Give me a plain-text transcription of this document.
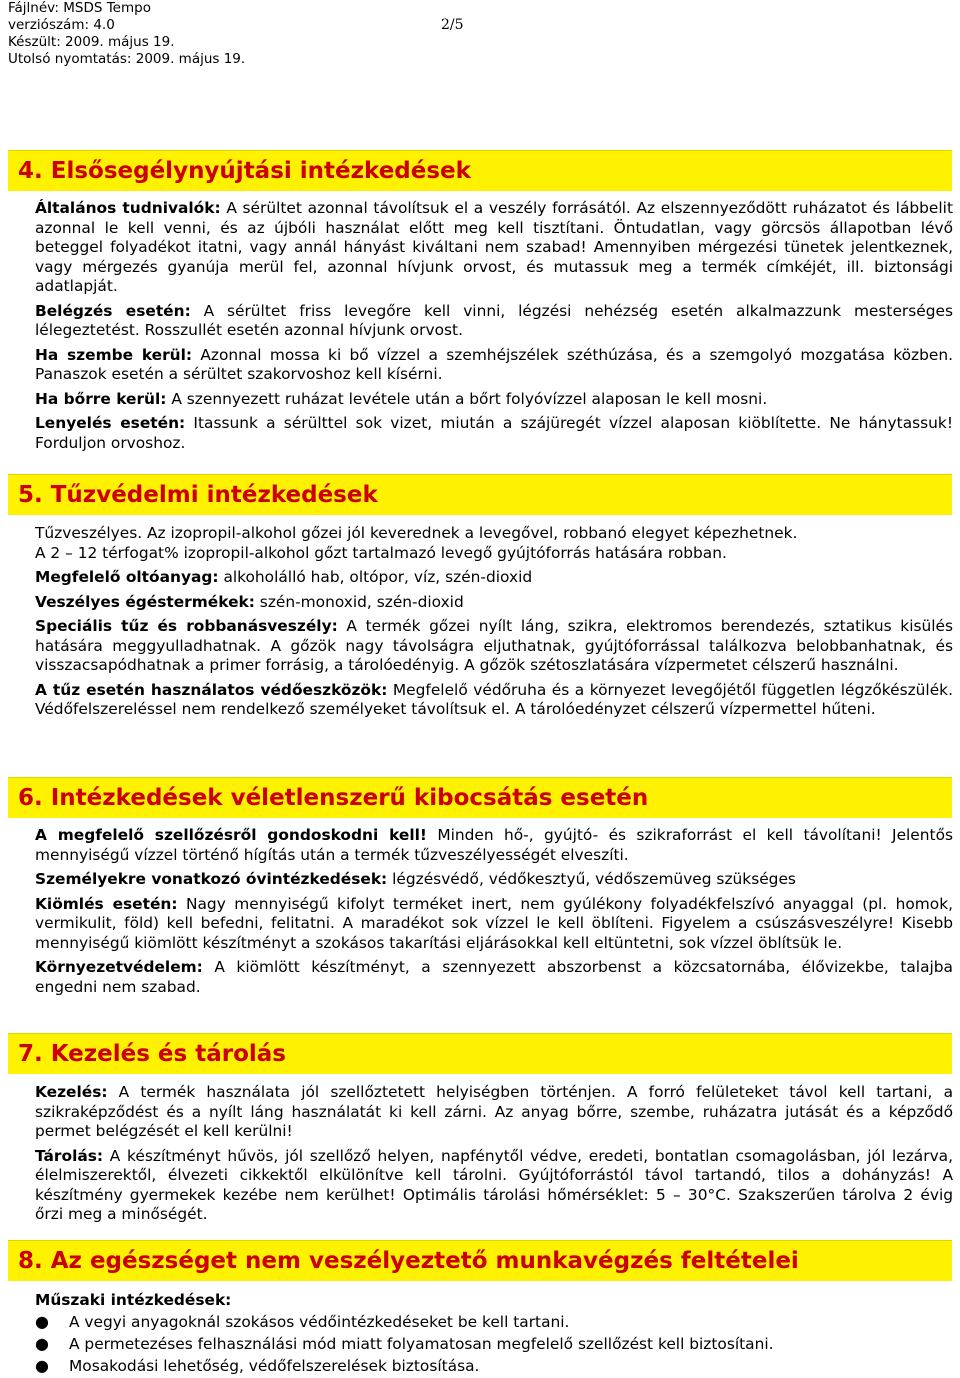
Fájlnév: MSDS Tempo
verziószám: 4.0
Készült: 2009. május 19.
Utolsó nyomtatás: 2009. május 19.
2/5
4. Elsősegélynyújtási intézkedések

Általános tudnivalók: A sérültet azonnal távolítsuk el a veszély forrásától. Az elszennyeződött ruházatot és lábbelit azonnal le kell venni, és az újbóli használat előtt meg kell tisztítani. Öntudatlan, vagy görcsös állapotban lévő beteggel folyadékot itatni, vagy annál hányást kiváltani nem szabad! Amennyiben mérgezési tünetek jelentkeznek, vagy mérgezés gyanúja merül fel, azonnal hívjunk orvost, és mutassuk meg a termék címkéjét, ill. biztonsági adatlapját.

Belégzés esetén: A sérültet friss levegőre kell vinni, légzési nehézség esetén alkalmazzunk mesterséges lélegeztetést. Rosszullét esetén azonnal hívjunk orvost.

Ha szembe kerül: Azonnal mossa ki bő vízzel a szemhéjszélek széthúzása, és a szemgolyó mozgatása közben. Panaszok esetén a sérültet szakorvoshoz kell kísérni.

Ha bőrre kerül: A szennyezett ruházat levétele után a bőrt folyóvízzel alaposan le kell mosni.

Lenyelés esetén: Itassunk a sérülttel sok vizet, miután a szájüregét vízzel alaposan kiöblítette. Ne hánytassuk! Forduljon orvoshoz.

5. Tűzvédelmi intézkedések

Tűzveszélyes. Az izopropil-alkohol gőzei jól keverednek a levegővel, robbanó elegyet képezhetnek.

A 2 – 12 térfogat% izopropil-alkohol gőzt tartalmazó levegő gyújtóforrás hatására robban.

Megfelelő oltóanyag: alkoholálló hab, oltópor, víz, szén-dioxid

Veszélyes égéstermékek: szén-monoxid, szén-dioxid

Speciális tűz és robbanásveszély: A termék gőzei nyílt láng, szikra, elektromos berendezés, sztatikus kisülés hatására meggyulladhatnak. A gőzök nagy távolságra eljuthatnak, gyújtóforrással találkozva belobbanhatnak, és visszacsapódhatnak a primer forrásig, a tárolóedényig. A gőzök szétoszlatására vízpermetet célszerű használni.

A tűz esetén használatos védőeszközök: Megfelelő védőruha és a környezet levegőjétől független légzőkészülék. Védőfelszereléssel nem rendelkező személyeket távolítsuk el. A tárolóedényzet célszerű vízpermettel hűteni.

6. Intézkedések véletlenszerű kibocsátás esetén

A megfelelő szellőzésről gondoskodni kell! Minden hő-, gyújtó- és szikraforrást el kell távolítani! Jelentős mennyiségű vízzel történő hígítás után a termék tűzveszélyességét elveszíti.

Személyekre vonatkozó óvintézkedések: légzésvédő, védőkesztyű, védőszemüveg szükséges

Kiömlés esetén: Nagy mennyiségű kifolyt terméket inert, nem gyúlékony folyadékfelszívó anyaggal (pl. homok, vermikulit, föld) kell befedni, felitatni. A maradékot sok vízzel le kell öblíteni. Figyelem a csúszásveszélyre! Kisebb mennyiségű kiömlött készítményt a szokásos takarítási eljárásokkal kell eltüntetni, sok vízzel öblítsük le.

Környezetvédelem: A kiömlött készítményt, a szennyezett abszorbenst a közcsatornába, élővizekbe, talajba engedni nem szabad.

7. Kezelés és tárolás

Kezelés: A termék használata jól szellőztetett helyiségben történjen. A forró felületeket távol kell tartani, a szikraképződést és a nyílt láng használatát ki kell zárni. Az anyag bőrre, szembe, ruházatra jutását és a képződő permet belégzését el kell kerülni!

Tárolás: A készítményt hűvös, jól szellőző helyen, napfénytől védve, eredeti, bontatlan csomagolásban, jól lezárva, élelmiszerektől, élvezeti cikkektől elkülönítve kell tárolni. Gyújtóforrástól távol tartandó, tilos a dohányzás! A készítmény gyermekek kezébe nem kerülhet! Optimális tárolási hőmérséklet: 5 – 30°C. Szakszerűen tárolva 2 évig őrzi meg a minőségét.

8. Az egészséget nem veszélyeztető munkavégzés feltételei

Műszaki intézkedések:

● A vegyi anyagoknál szokásos védőintézkedéseket be kell tartani.
● A permetezéses felhasználási mód miatt folyamatosan megfelelő szellőzést kell biztosítani.
● Mosakodási lehetőség, védőfelszerelések biztosítása.
